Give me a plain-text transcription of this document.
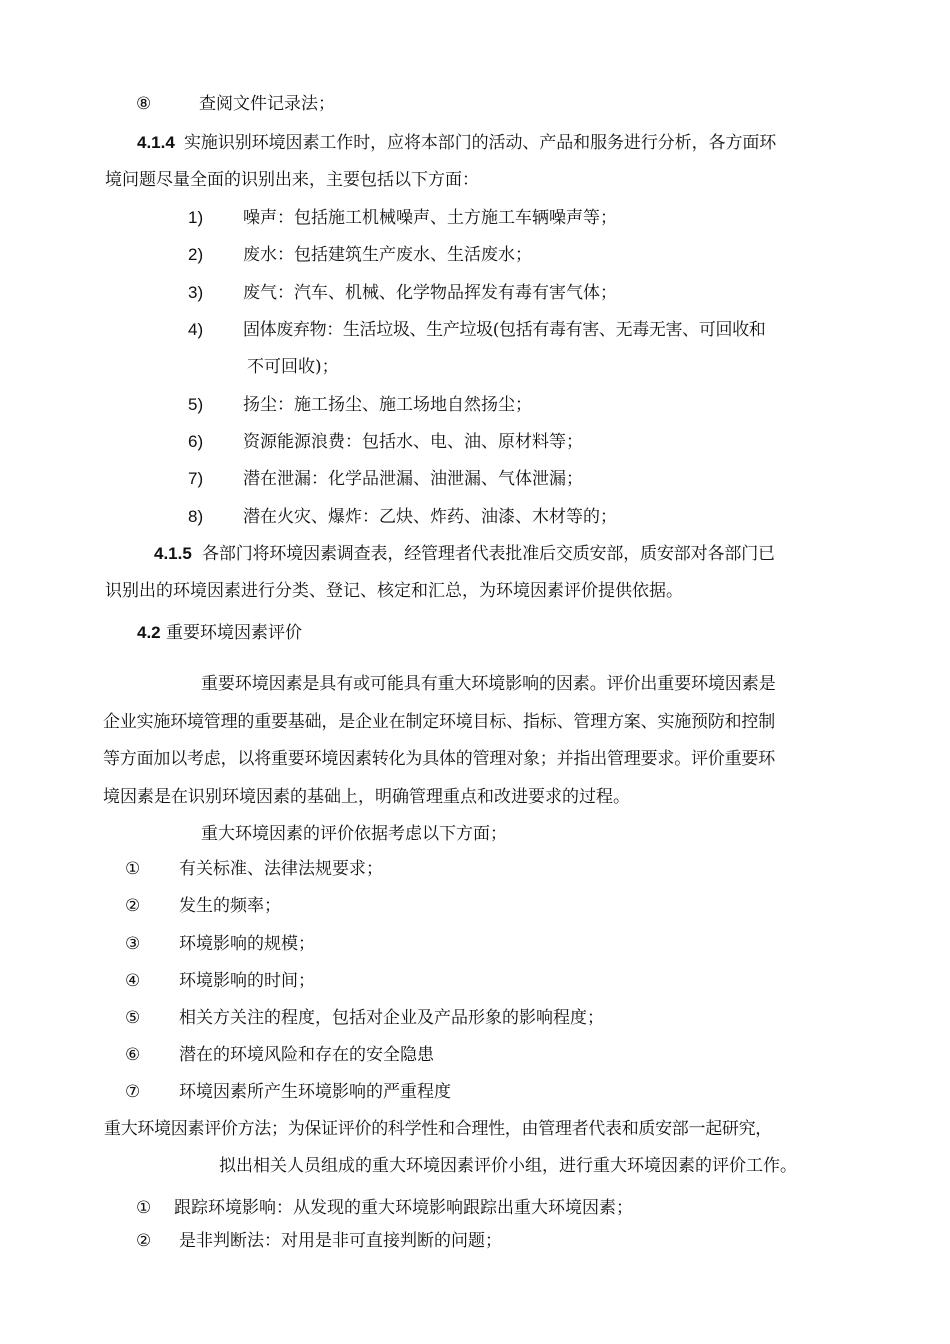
⑧	查阅文件记录法；
4.1.4 实施识别环境因素工作时，应将本部门的活动、产品和服务进行分析，各方面环
境问题尽量全面的识别出来，主要包括以下方面：
1) 噪声：包括施工机械噪声、土方施工车辆噪声等；
2) 废水：包括建筑生产废水、生活废水；
3) 废气：汽车、机械、化学物品挥发有毒有害气体；
4) 固体废弃物：生活垃圾、生产垃圾(包括有毒有害、无毒无害、可回收和
不可回收)；
5) 扬尘：施工扬尘、施工场地自然扬尘；
6) 资源能源浪费：包括水、电、油、原材料等；
7) 潜在泄漏：化学品泄漏、油泄漏、气体泄漏；
8) 潜在火灾、爆炸：乙炔、炸药、油漆、木材等的；
4.1.5 各部门将环境因素调查表，经管理者代表批准后交质安部，质安部对各部门已
识别出的环境因素进行分类、登记、核定和汇总，为环境因素评价提供依据。
4.2 重要环境因素评价
重要环境因素是具有或可能具有重大环境影响的因素。评价出重要环境因素是
企业实施环境管理的重要基础，是企业在制定环境目标、指标、管理方案、实施预防和控制
等方面加以考虑，以将重要环境因素转化为具体的管理对象；并指出管理要求。评价重要环
境因素是在识别环境因素的基础上，明确管理重点和改进要求的过程。
重大环境因素的评价依据考虑以下方面；
① 有关标准、法律法规要求；
② 发生的频率；
③ 环境影响的规模；
④ 环境影响的时间；
⑤ 相关方关注的程度，包括对企业及产品形象的影响程度；
⑥ 潜在的环境风险和存在的安全隐患
⑦ 环境因素所产生环境影响的严重程度
重大环境因素评价方法；为保证评价的科学性和合理性，由管理者代表和质安部一起研究，
拟出相关人员组成的重大环境因素评价小组，进行重大环境因素的评价工作。
① 跟踪环境影响：从发现的重大环境影响跟踪出重大环境因素；
② 是非判断法：对用是非可直接判断的问题；
